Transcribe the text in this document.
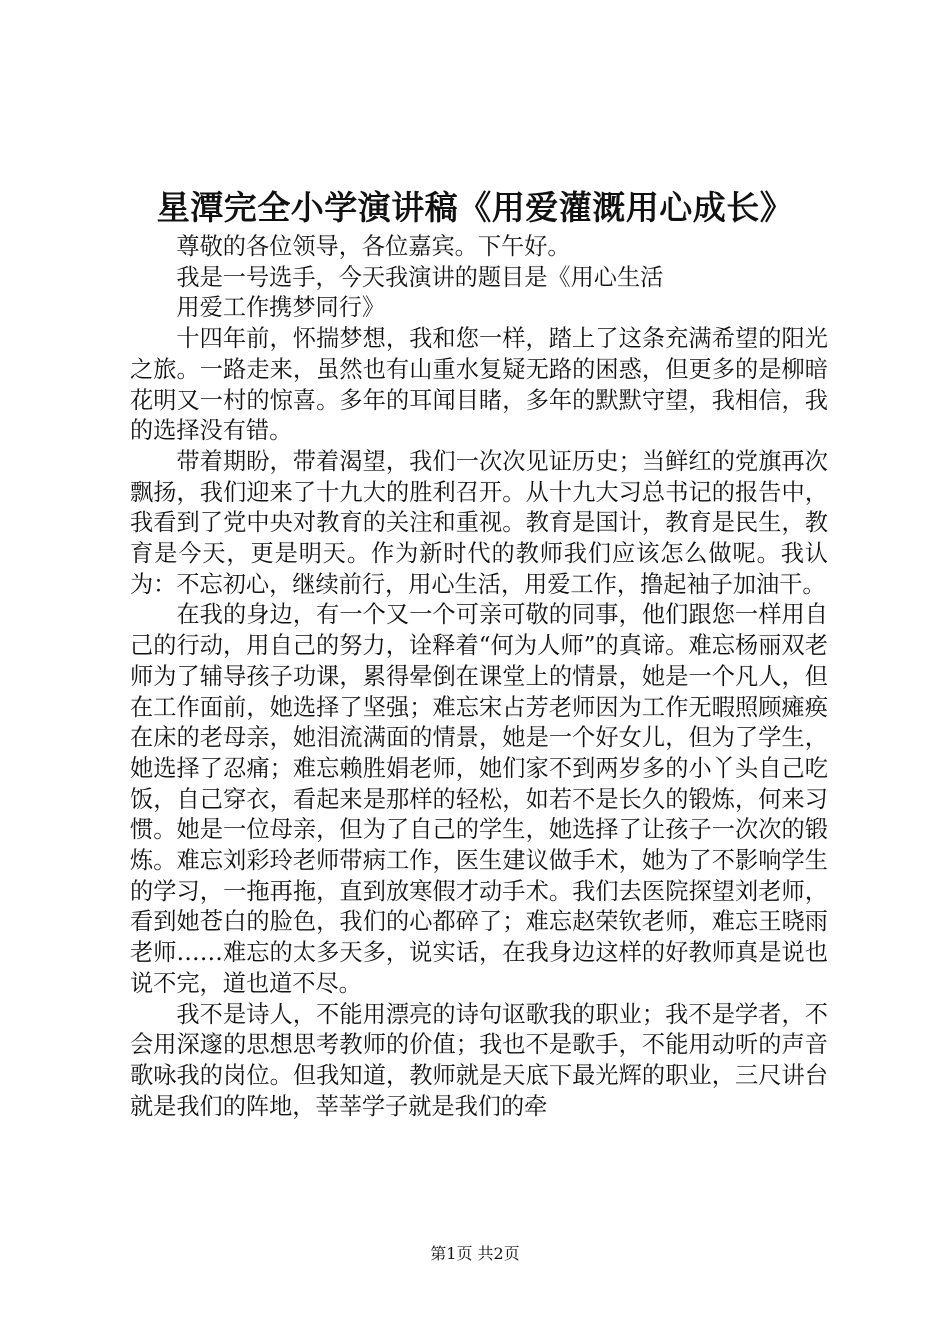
星潭完全小学演讲稿《用爱灌溉用心成长》

尊敬的各位领导，各位嘉宾。下午好。

我是一号选手，今天我演讲的题目是《用心生活

用爱工作携梦同行》

十四年前，怀揣梦想，我和您一样，踏上了这条充满希望的阳光之旅。一路走来，虽然也有山重水复疑无路的困惑，但更多的是柳暗花明又一村的惊喜。多年的耳闻目睹，多年的默默守望，我相信，我的选择没有错。

带着期盼，带着渴望，我们一次次见证历史；当鲜红的党旗再次飘扬，我们迎来了十九大的胜利召开。从十九大习总书记的报告中，我看到了党中央对教育的关注和重视。教育是国计，教育是民生，教育是今天，更是明天。作为新时代的教师我们应该怎么做呢。我认为：不忘初心，继续前行，用心生活，用爱工作，撸起袖子加油干。

在我的身边，有一个又一个可亲可敬的同事，他们跟您一样用自己的行动，用自己的努力，诠释着“何为人师”的真谛。难忘杨丽双老师为了辅导孩子功课，累得晕倒在课堂上的情景，她是一个凡人，但在工作面前，她选择了坚强；难忘宋占芳老师因为工作无暇照顾瘫痪在床的老母亲，她泪流满面的情景，她是一个好女儿，但为了学生，她选择了忍痛；难忘赖胜娟老师，她们家不到两岁多的小丫头自己吃饭，自己穿衣，看起来是那样的轻松，如若不是长久的锻炼，何来习惯。她是一位母亲，但为了自己的学生，她选择了让孩子一次次的锻炼。难忘刘彩玲老师带病工作，医生建议做手术，她为了不影响学生的学习，一拖再拖，直到放寒假才动手术。我们去医院探望刘老师，看到她苍白的脸色，我们的心都碎了；难忘赵荣钦老师，难忘王晓雨老师……难忘的太多天多，说实话，在我身边这样的好教师真是说也说不完，道也道不尽。

我不是诗人，不能用漂亮的诗句讴歌我的职业；我不是学者，不会用深邃的思想思考教师的价值；我也不是歌手，不能用动听的声音歌咏我的岗位。但我知道，教师就是天底下最光辉的职业，三尺讲台就是我们的阵地，莘莘学子就是我们的牵

第1页 共2页
